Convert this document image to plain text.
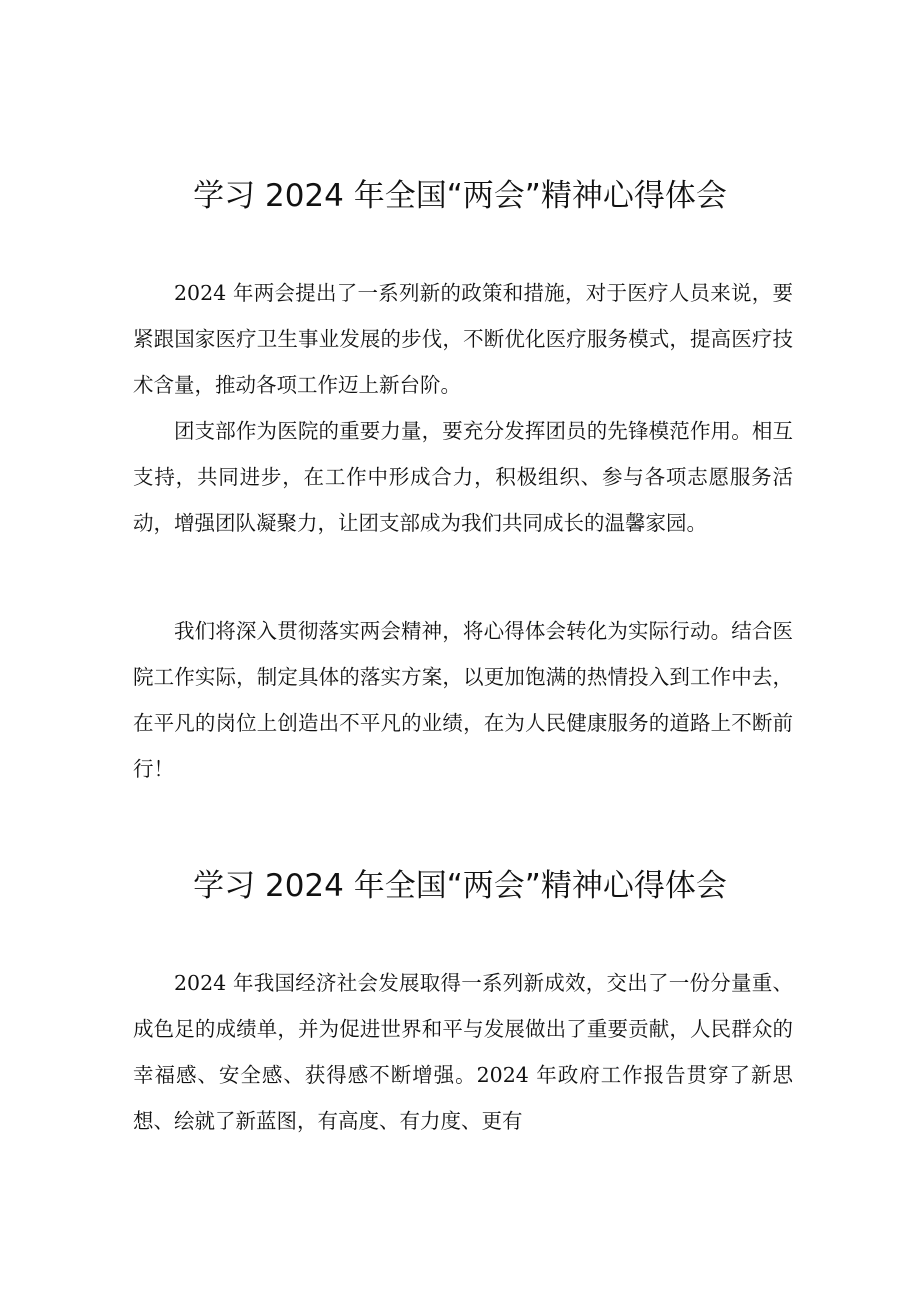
学习 2024 年全国“两会”精神心得体会

2024 年两会提出了一系列新的政策和措施，对于医疗人员来说，要紧跟国家医疗卫生事业发展的步伐，不断优化医疗服务模式，提高医疗技术含量，推动各项工作迈上新台阶。

团支部作为医院的重要力量，要充分发挥团员的先锋模范作用。相互支持，共同进步，在工作中形成合力，积极组织、参与各项志愿服务活动，增强团队凝聚力，让团支部成为我们共同成长的温馨家园。

我们将深入贯彻落实两会精神，将心得体会转化为实际行动。结合医院工作实际，制定具体的落实方案，以更加饱满的热情投入到工作中去，在平凡的岗位上创造出不平凡的业绩，在为人民健康服务的道路上不断前行！

学习 2024 年全国“两会”精神心得体会

2024 年我国经济社会发展取得一系列新成效，交出了一份分量重、成色足的成绩单，并为促进世界和平与发展做出了重要贡献，人民群众的幸福感、安全感、获得感不断增强。2024 年政府工作报告贯穿了新思想、绘就了新蓝图，有高度、有力度、更有
